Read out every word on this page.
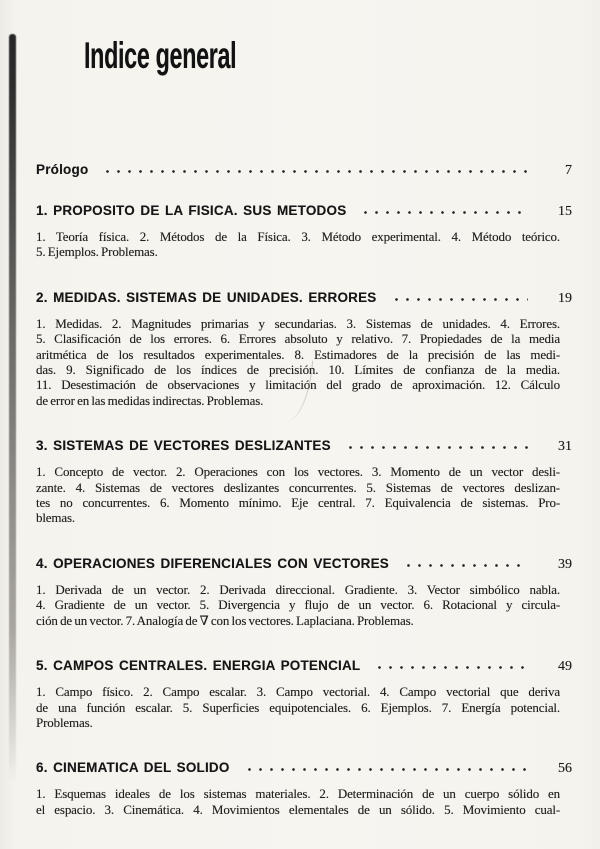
Indice general
Prólogo	7
1. PROPOSITO DE LA FISICA. SUS METODOS	15

1. Teoría física. 2. Métodos de la Física. 3. Método experimental. 4. Método teórico.

5. Ejemplos. Problemas.

2. MEDIDAS. SISTEMAS DE UNIDADES. ERRORES	19

1. Medidas. 2. Magnitudes primarias y secundarias. 3. Sistemas de unidades. 4. Errores.

5. Clasificación de los errores. 6. Errores absoluto y relativo. 7. Propiedades de la media

aritmética de los resultados experimentales. 8. Estimadores de la precisión de las medi-

das. 9. Significado de los índices de precisión. 10. Límites de confianza de la media.

11. Desestimación de observaciones y limitación del grado de aproximación. 12. Cálculo

de error en las medidas indirectas. Problemas.

3. SISTEMAS DE VECTORES DESLIZANTES	31

1. Concepto de vector. 2. Operaciones con los vectores. 3. Momento de un vector desli-

zante. 4. Sistemas de vectores deslizantes concurrentes. 5. Sistemas de vectores deslizan-

tes no concurrentes. 6. Momento mínimo. Eje central. 7. Equivalencia de sistemas. Pro-

blemas.

4. OPERACIONES DIFERENCIALES CON VECTORES	39

1. Derivada de un vector. 2. Derivada direccional. Gradiente. 3. Vector simbólico nabla.

4. Gradiente de un vector. 5. Divergencia y flujo de un vector. 6. Rotacional y circula-

ción de un vector. 7. Analogía de ∇ con los vectores. Laplaciana. Problemas.

5. CAMPOS CENTRALES. ENERGIA POTENCIAL	49

1. Campo físico. 2. Campo escalar. 3. Campo vectorial. 4. Campo vectorial que deriva

de una función escalar. 5. Superficies equipotenciales. 6. Ejemplos. 7. Energía potencial.

Problemas.

6. CINEMATICA DEL SOLIDO	56

1. Esquemas ideales de los sistemas materiales. 2. Determinación de un cuerpo sólido en

el espacio. 3. Cinemática. 4. Movimientos elementales de un sólido. 5. Movimiento cual-
